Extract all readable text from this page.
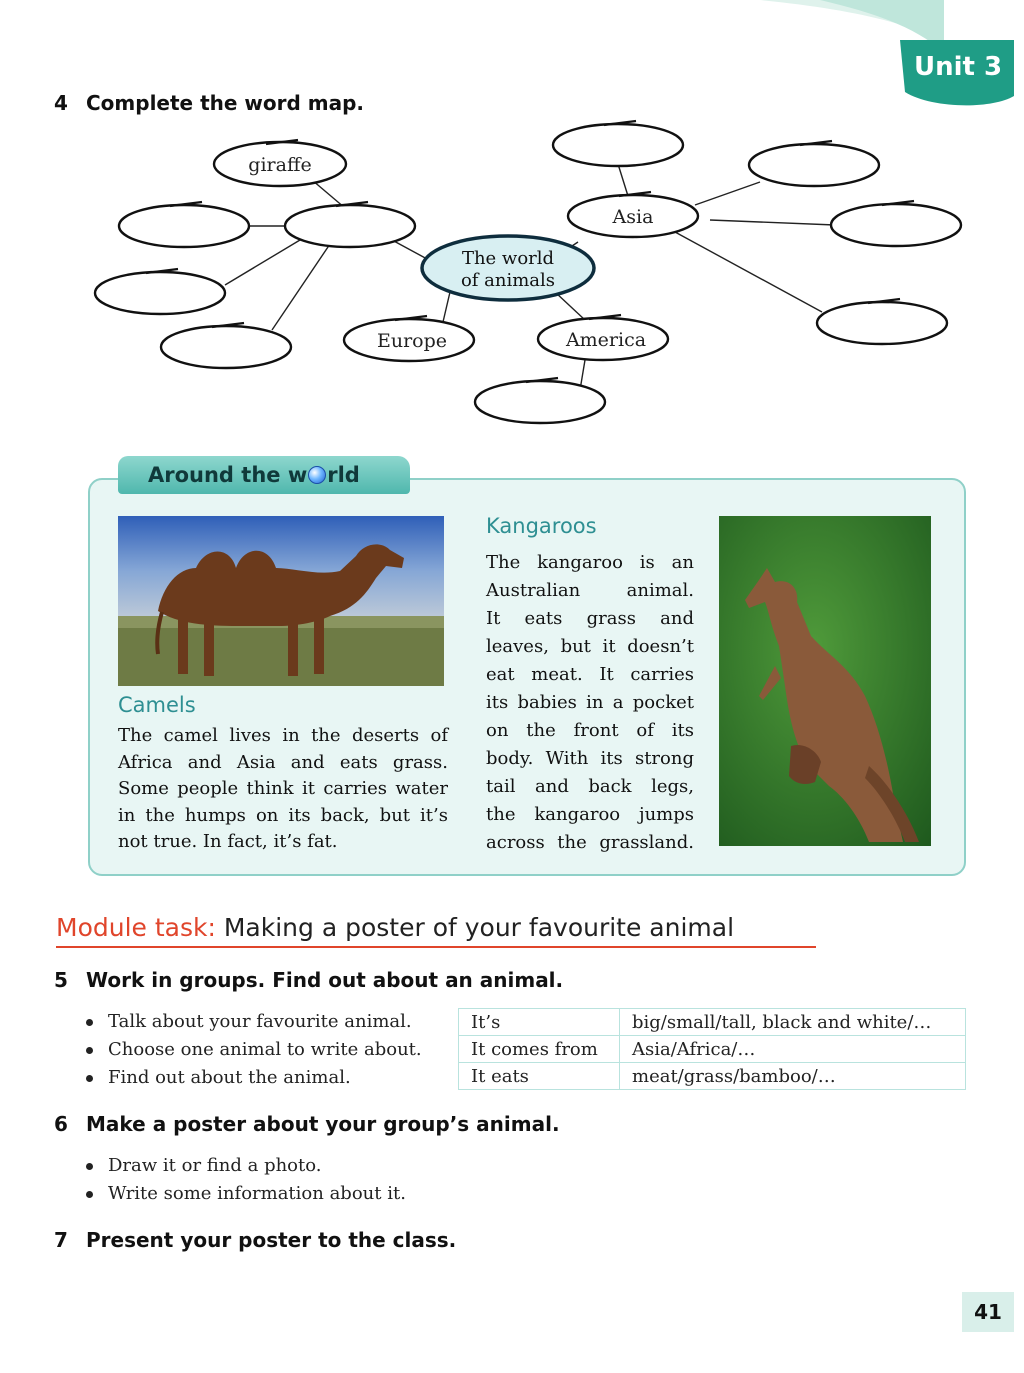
Unit 3
4 Complete the word map.
The world
of animals
giraffe
Asia
Europe	America
Around the w rld
Camels
The camel lives in the deserts of Africa and Asia and eats grass. Some people think it carries water in the humps on its back, but it’s not true. In fact, it’s fat.
Kangaroos
The kangaroo is an
Australian animal.
It eats grass and
leaves, but it doesn’t
eat meat. It carries
its babies in a pocket
on the front of its
body. With its strong
tail and back legs,
the kangaroo jumps
across the grassland.
Module task: Making a poster of your favourite animal
5 Work in groups. Find out about an animal.
Talk about your favourite animal.
Choose one animal to write about.
Find out about the animal.
It’s	big/small/tall, black and white/…
It comes from	Asia/Africa/…
It eats	meat/grass/bamboo/…
6 Make a poster about your group’s animal.
Draw it or find a photo.
Write some information about it.
7 Present your poster to the class.
41
